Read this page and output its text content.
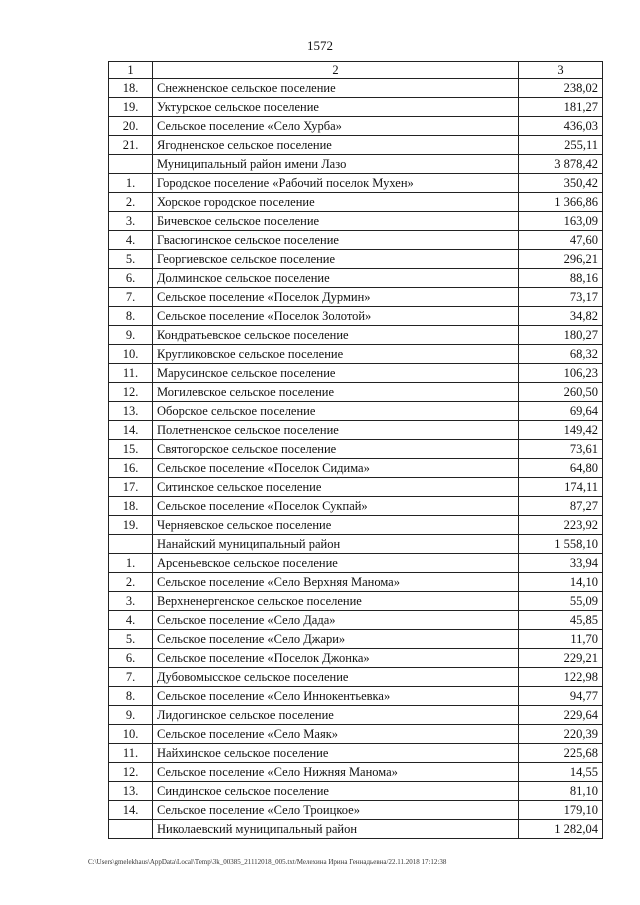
1572
1	2	3
18.	Снежненское сельское поселение	238,02
19.	Уктурское сельское поселение	181,27
20.	Сельское поселение «Село Хурба»	436,03
21.	Ягодненское сельское поселение	255,11
	Муниципальный район имени Лазо	3 878,42
1.	Городское поселение «Рабочий поселок Мухен»	350,42
2.	Хорское городское поселение	1 366,86
3.	Бичевское сельское поселение	163,09
4.	Гвасюгинское сельское поселение	47,60
5.	Георгиевское сельское поселение	296,21
6.	Долминское сельское поселение	88,16
7.	Сельское поселение «Поселок Дурмин»	73,17
8.	Сельское поселение «Поселок Золотой»	34,82
9.	Кондратьевское сельское поселение	180,27
10.	Кругликовское сельское поселение	68,32
11.	Марусинское сельское поселение	106,23
12.	Могилевское сельское поселение	260,50
13.	Оборское сельское поселение	69,64
14.	Полетненское сельское поселение	149,42
15.	Святогорское сельское поселение	73,61
16.	Сельское поселение «Поселок Сидима»	64,80
17.	Ситинское сельское поселение	174,11
18.	Сельское поселение «Поселок Сукпай»	87,27
19.	Черняевское сельское поселение	223,92
	Нанайский муниципальный район	1 558,10
1.	Арсеньевское сельское поселение	33,94
2.	Сельское поселение «Село Верхняя Манома»	14,10
3.	Верхненергенское сельское поселение	55,09
4.	Сельское поселение «Село Дада»	45,85
5.	Сельское поселение «Село Джари»	11,70
6.	Сельское поселение «Поселок Джонка»	229,21
7.	Дубовомысское сельское поселение	122,98
8.	Сельское поселение «Село Иннокентьевка»	94,77
9.	Лидогинское сельское поселение	229,64
10.	Сельское поселение «Село Маяк»	220,39
11.	Найхинское сельское поселение	225,68
12.	Сельское поселение «Село Нижняя Манома»	14,55
13.	Синдинское сельское поселение	81,10
14.	Сельское поселение «Село Троицкое»	179,10
	Николаевский муниципальный район	1 282,04
C:\Users\gmelekhaus\AppData\Local\Temp\3k_00385_21112018_005.txt/Мелехина Ирина Геннадьевна/22.11.2018 17:12:38
